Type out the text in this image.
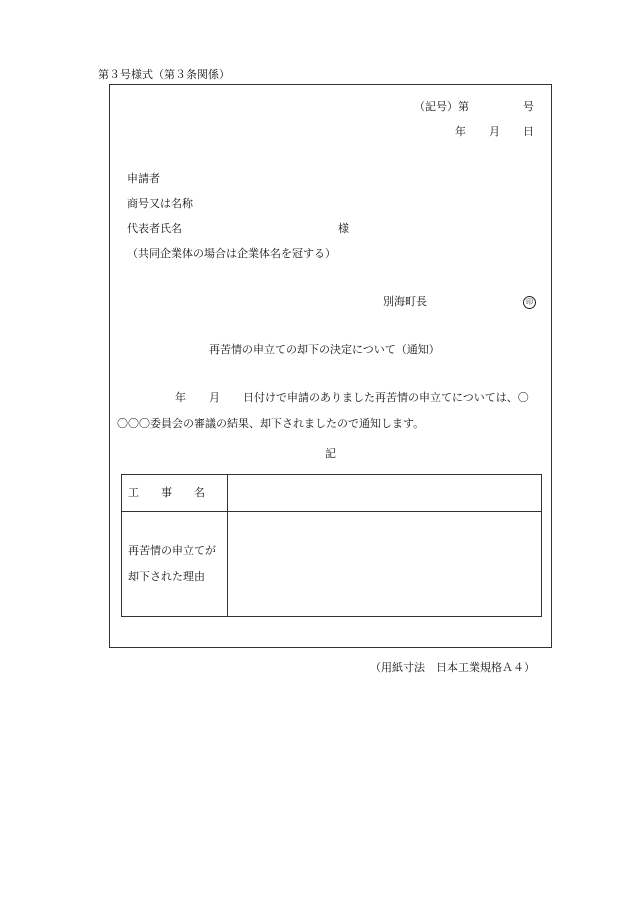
第３号様式（第３条関係）
（記号）第	号
年 月 日
申請者
商号又は名称
代表者氏名	様
（共同企業体の場合は企業体名を冠する）
別海町長	印
再苦情の申立ての却下の決定について（通知）
年 月 日付けで申請のありました再苦情の申立てについては、〇
〇〇〇委員会の審議の結果、却下されましたので通知します。
記
工　　事　　名	

再苦情の申立てが
却下された理由	

（用紙寸法　日本工業規格Ａ４）
